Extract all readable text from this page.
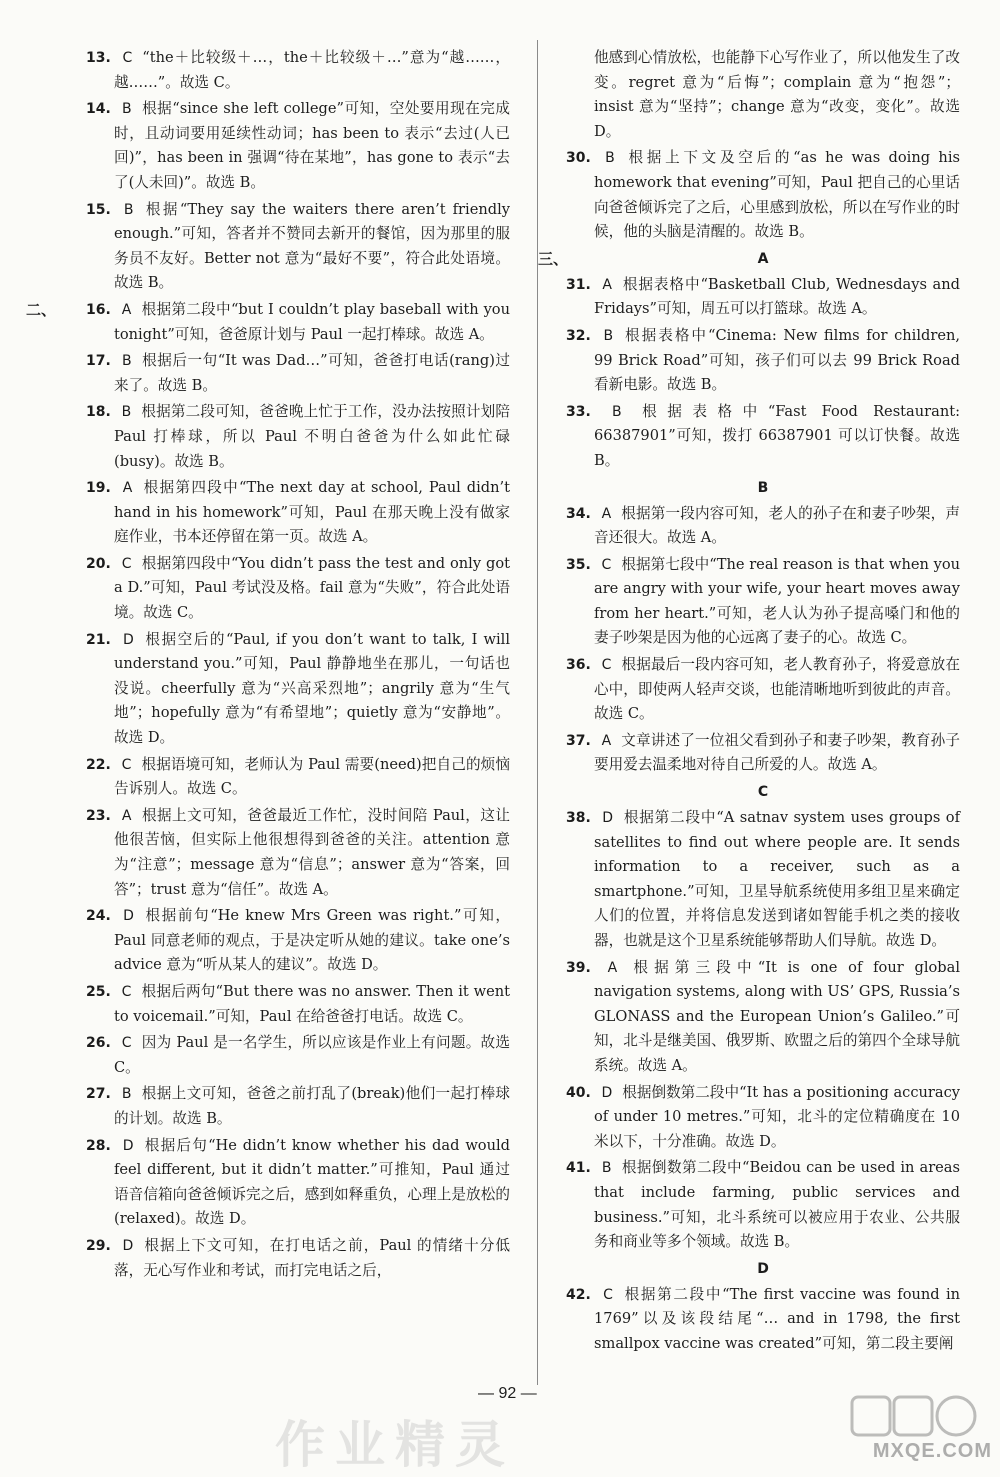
13. C “the＋比较级＋…，the＋比较级＋…”意为“越……，越……”。故选 C。
14. B 根据“since she left college”可知，空处要用现在完成时，且动词要用延续性动词；has been to 表示“去过(人已回)”，has been in 强调“待在某地”，has gone to 表示“去了(人未回)”。故选 B。
15. B 根据“They say the waiters there aren’t friendly enough.”可知，答者并不赞同去新开的餐馆，因为那里的服务员不友好。Better not 意为“最好不要”，符合此处语境。故选 B。
二、 16. A 根据第二段中“but I couldn’t play baseball with you tonight”可知，爸爸原计划与 Paul 一起打棒球。故选 A。
17. B 根据后一句“It was Dad…”可知，爸爸打电话(rang)过来了。故选 B。
18. B 根据第二段可知，爸爸晚上忙于工作，没办法按照计划陪 Paul 打棒球，所以 Paul 不明白爸爸为什么如此忙碌(busy)。故选 B。
19. A 根据第四段中“The next day at school, Paul didn’t hand in his homework”可知，Paul 在那天晚上没有做家庭作业，书本还停留在第一页。故选 A。
20. C 根据第四段中“You didn’t pass the test and only got a D.”可知，Paul 考试没及格。fail 意为“失败”，符合此处语境。故选 C。
21. D 根据空后的“Paul, if you don’t want to talk, I will understand you.”可知，Paul 静静地坐在那儿，一句话也没说。cheerfully 意为“兴高采烈地”；angrily 意为“生气地”；hopefully 意为“有希望地”；quietly 意为“安静地”。故选 D。
22. C 根据语境可知，老师认为 Paul 需要(need)把自己的烦恼告诉别人。故选 C。
23. A 根据上文可知，爸爸最近工作忙，没时间陪 Paul，这让他很苦恼，但实际上他很想得到爸爸的关注。attention 意为“注意”；message 意为“信息”；answer 意为“答案，回答”；trust 意为“信任”。故选 A。
24. D 根据前句“He knew Mrs Green was right.”可知，Paul 同意老师的观点，于是决定听从她的建议。take one’s advice 意为“听从某人的建议”。故选 D。
25. C 根据后两句“But there was no answer. Then it went to voicemail.”可知，Paul 在给爸爸打电话。故选 C。
26. C 因为 Paul 是一名学生，所以应该是作业上有问题。故选 C。
27. B 根据上文可知，爸爸之前打乱了(break)他们一起打棒球的计划。故选 B。
28. D 根据后句“He didn’t know whether his dad would feel different, but it didn’t matter.”可推知，Paul 通过语音信箱向爸爸倾诉完之后，感到如释重负，心理上是放松的(relaxed)。故选 D。
29. D 根据上下文可知，在打电话之前，Paul 的情绪十分低落，无心写作业和考试，而打完电话之后，
他感到心情放松，也能静下心写作业了，所以他发生了改变。regret 意为“后悔”；complain 意为“抱怨”；insist 意为“坚持”；change 意为“改变，变化”。故选 D。
30. B 根据上下文及空后的“as he was doing his homework that evening”可知，Paul 把自己的心里话向爸爸倾诉完了之后，心里感到放松，所以在写作业的时候，他的头脑是清醒的。故选 B。
三、	A
31. A 根据表格中“Basketball Club, Wednesdays and Fridays”可知，周五可以打篮球。故选 A。
32. B 根据表格中“Cinema: New films for children, 99 Brick Road”可知，孩子们可以去 99 Brick Road 看新电影。故选 B。
33. B 根据表格中“Fast Food Restaurant: 66387901”可知，拨打 66387901 可以订快餐。故选 B。
B
34. A 根据第一段内容可知，老人的孙子在和妻子吵架，声音还很大。故选 A。
35. C 根据第七段中“The real reason is that when you are angry with your wife, your heart moves away from her heart.”可知，老人认为孙子提高嗓门和他的妻子吵架是因为他的心远离了妻子的心。故选 C。
36. C 根据最后一段内容可知，老人教育孙子，将爱意放在心中，即使两人轻声交谈，也能清晰地听到彼此的声音。故选 C。
37. A 文章讲述了一位祖父看到孙子和妻子吵架，教育孙子要用爱去温柔地对待自己所爱的人。故选 A。
C
38. D 根据第二段中“A satnav system uses groups of satellites to find out where people are. It sends information to a receiver, such as a smartphone.”可知，卫星导航系统使用多组卫星来确定人们的位置，并将信息发送到诸如智能手机之类的接收器，也就是这个卫星系统能够帮助人们导航。故选 D。
39. A 根据第三段中“It is one of four global navigation systems, along with US’ GPS, Russia’s GLONASS and the European Union’s Galileo.”可知，北斗是继美国、俄罗斯、欧盟之后的第四个全球导航系统。故选 A。
40. D 根据倒数第二段中“It has a positioning accuracy of under 10 metres.”可知，北斗的定位精确度在 10 米以下，十分准确。故选 D。
41. B 根据倒数第二段中“Beidou can be used in areas that include farming, public services and business.”可知，北斗系统可以被应用于农业、公共服务和商业等多个领域。故选 B。
D
42. C 根据第二段中“The first vaccine was found in 1769”以及该段结尾“… and in 1798, the first smallpox vaccine was created”可知，第二段主要阐
— 92 —
作业精灵	MXQE.COM
